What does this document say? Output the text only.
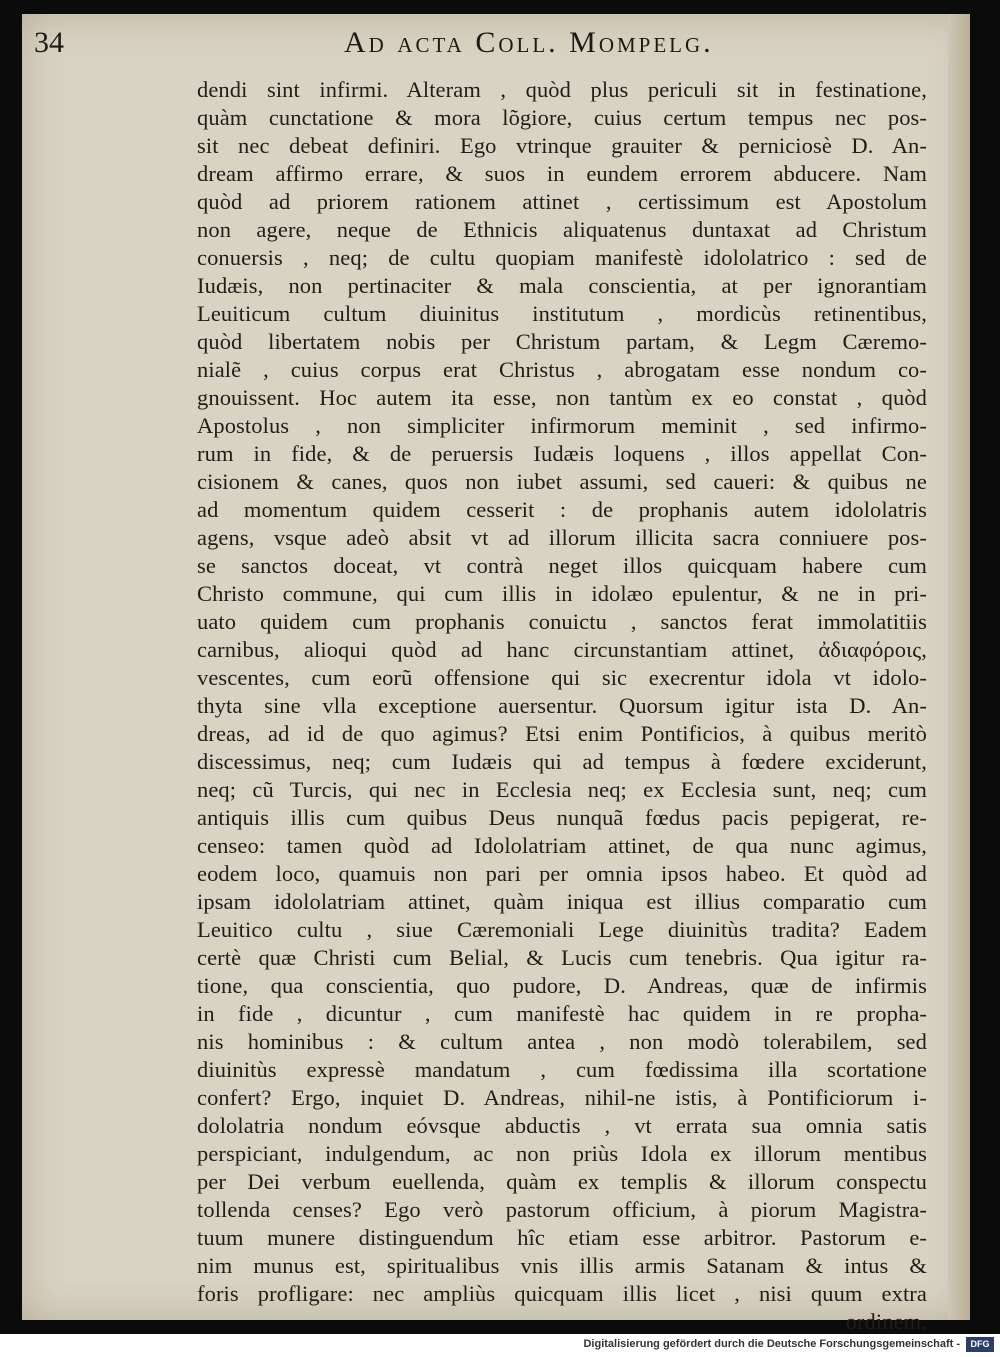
34	Ad acta Coll. Mompelg.
dendi sint infirmi. Alteram , quòd plus periculi sit in festinatione,
quàm cunctatione & mora lõgiore, cuius certum tempus nec pos-
sit nec debeat definiri. Ego vtrinque grauiter & perniciosè D. An-
dream affirmo errare, & suos in eundem errorem abducere. Nam
quòd ad priorem rationem attinet , certissimum est Apostolum
non agere, neque de Ethnicis aliquatenus duntaxat ad Christum
conuersis , neq; de cultu quopiam manifestè idololatrico : sed de
Iudæis, non pertinaciter & mala conscientia, at per ignorantiam
Leuiticum cultum diuinitus institutum , mordicùs retinentibus,
quòd libertatem nobis per Christum partam, & Legm Cæremo-
nialẽ , cuius corpus erat Christus , abrogatam esse nondum co-
gnouissent. Hoc autem ita esse, non tantùm ex eo constat , quòd
Apostolus , non simpliciter infirmorum meminit , sed infirmo-
rum in fide, & de peruersis Iudæis loquens , illos appellat Con-
cisionem & canes, quos non iubet assumi, sed caueri: & quibus ne
ad momentum quidem cesserit : de prophanis autem idololatris
agens, vsque adeò absit vt ad illorum illicita sacra conniuere pos-
se sanctos doceat, vt contrà neget illos quicquam habere cum
Christo commune, qui cum illis in idolæo epulentur, & ne in pri-
uato quidem cum prophanis conuictu , sanctos ferat immolatitiis
carnibus, alioqui quòd ad hanc circunstantiam attinet, ἀδιαφόροις,
vescentes, cum eorũ offensione qui sic execrentur idola vt idolo-
thyta sine vlla exceptione auersentur. Quorsum igitur ista D. An-
dreas, ad id de quo agimus? Etsi enim Pontificios, à quibus meritò
discessimus, neq; cum Iudæis qui ad tempus à fœdere exciderunt,
neq; cũ Turcis, qui nec in Ecclesia neq; ex Ecclesia sunt, neq; cum
antiquis illis cum quibus Deus nunquã fœdus pacis pepigerat, re-
censeo: tamen quòd ad Idololatriam attinet, de qua nunc agimus,
eodem loco, quamuis non pari per omnia ipsos habeo. Et quòd ad
ipsam idololatriam attinet, quàm iniqua est illius comparatio cum
Leuitico cultu , siue Cæremoniali Lege diuinitùs tradita? Eadem
certè quæ Christi cum Belial, & Lucis cum tenebris. Qua igitur ra-
tione, qua conscientia, quo pudore, D. Andreas, quæ de infirmis
in fide , dicuntur , cum manifestè hac quidem in re propha-
nis hominibus : & cultum antea , non modò tolerabilem, sed
diuinitùs expressè mandatum , cum fœdissima illa scortatione
confert? Ergo, inquiet D. Andreas, nihil-ne istis, à Pontificiorum i-
dololatria nondum eóvsque abductis , vt errata sua omnia satis
perspiciant, indulgendum, ac non priùs Idola ex illorum mentibus
per Dei verbum euellenda, quàm ex templis & illorum conspectu
tollenda censes? Ego verò pastorum officium, à piorum Magistra-
tuum munere distinguendum hîc etiam esse arbitror. Pastorum e-
nim munus est, spiritualibus vnis illis armis Satanam & intus &
foris profligare: nec ampliùs quicquam illis licet , nisi quum extra
ordinem.
Digitalisierung gefördert durch die Deutsche Forschungsgemeinschaft -	DFG
